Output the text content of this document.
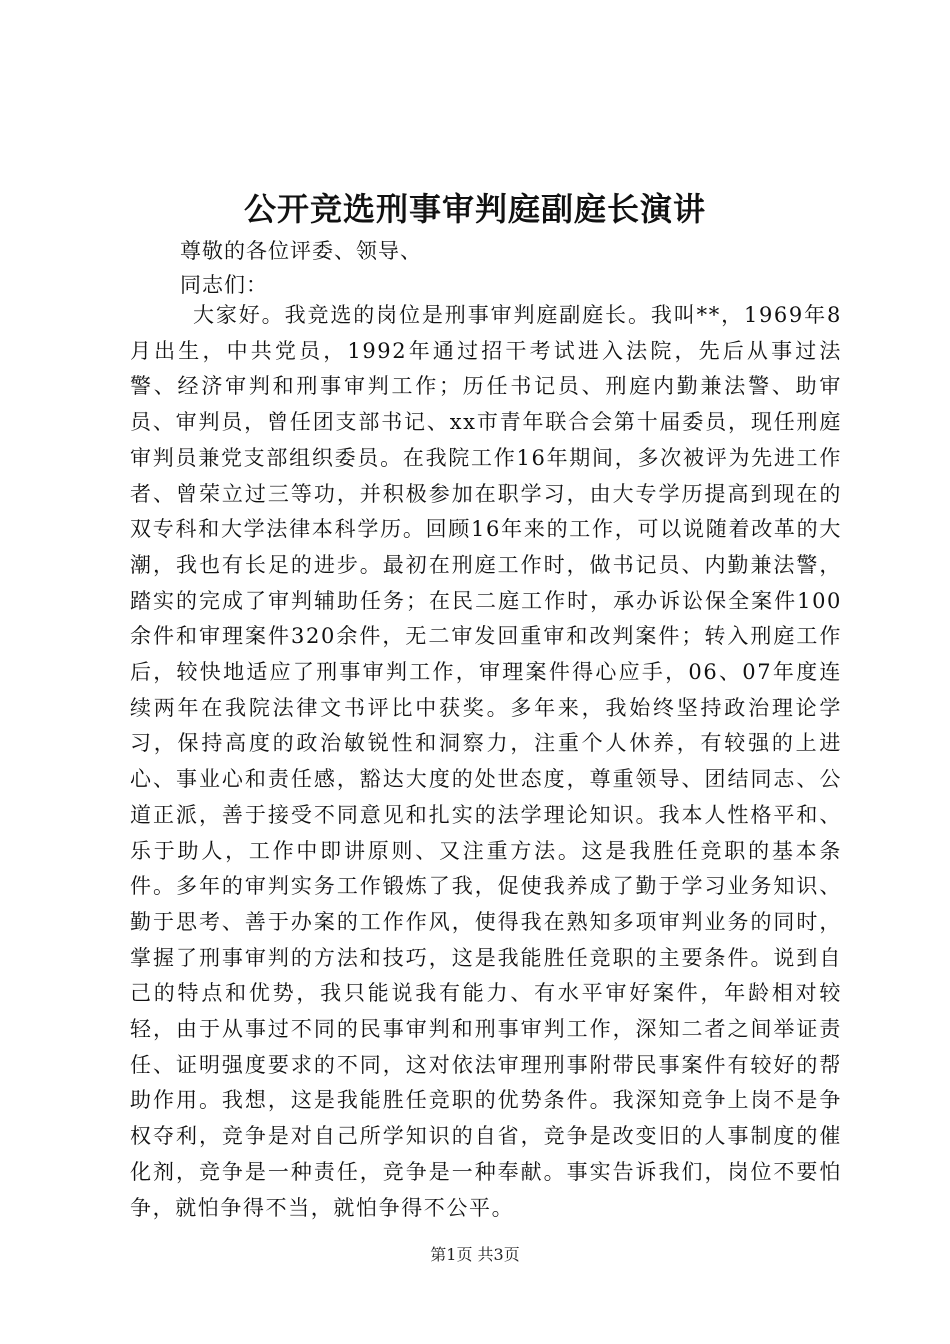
公开竞选刑事审判庭副庭长演讲
尊敬的各位评委、领导、
同志们：

大家好。我竞选的岗位是刑事审判庭副庭长。我叫**，1969年8月出生，中共党员，1992年通过招干考试进入法院，先后从事过法警、经济审判和刑事审判工作；历任书记员、刑庭内勤兼法警、助审员、审判员，曾任团支部书记、xx市青年联合会第十届委员，现任刑庭审判员兼党支部组织委员。在我院工作16年期间，多次被评为先进工作者、曾荣立过三等功，并积极参加在职学习，由大专学历提高到现在的双专科和大学法律本科学历。回顾16年来的工作，可以说随着改革的大潮，我也有长足的进步。最初在刑庭工作时，做书记员、内勤兼法警，踏实的完成了审判辅助任务；在民二庭工作时，承办诉讼保全案件100余件和审理案件320余件，无二审发回重审和改判案件；转入刑庭工作后，较快地适应了刑事审判工作，审理案件得心应手，06、07年度连续两年在我院法律文书评比中获奖。多年来，我始终坚持政治理论学习，保持高度的政治敏锐性和洞察力，注重个人休养，有较强的上进心、事业心和责任感，豁达大度的处世态度，尊重领导、团结同志、公道正派，善于接受不同意见和扎实的法学理论知识。我本人性格平和、乐于助人，工作中即讲原则、又注重方法。这是我胜任竞职的基本条件。多年的审判实务工作锻炼了我，促使我养成了勤于学习业务知识、勤于思考、善于办案的工作作风，使得我在熟知多项审判业务的同时，掌握了刑事审判的方法和技巧，这是我能胜任竞职的主要条件。说到自己的特点和优势，我只能说我有能力、有水平审好案件，年龄相对较轻，由于从事过不同的民事审判和刑事审判工作，深知二者之间举证责任、证明强度要求的不同，这对依法审理刑事附带民事案件有较好的帮助作用。我想，这是我能胜任竞职的优势条件。我深知竞争上岗不是争权夺利，竞争是对自己所学知识的自省，竞争是改变旧的人事制度的催化剂，竞争是一种责任，竞争是一种奉献。事实告诉我们，岗位不要怕争，就怕争得不当，就怕争得不公平。

第1页 共3页
